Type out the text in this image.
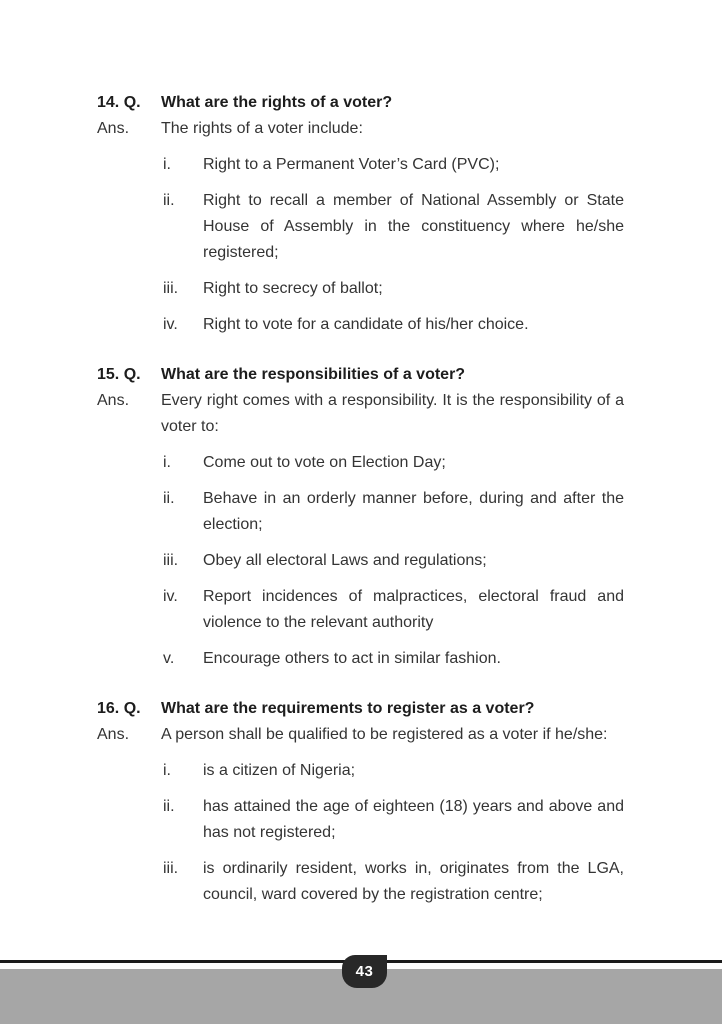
14. Q.	What are the rights of a voter?
Ans.	The rights of a voter include:

i.	Right to a Permanent Voter’s Card (PVC);

ii.	Right to recall a member of National Assembly or State House of Assembly in the constituency where he/she registered;

iii.	Right to secrecy of ballot;

iv.	Right to vote for a candidate of his/her choice.

15. Q.	What are the responsibilities of a voter?
Ans.	Every right comes with a responsibility. It is the responsibility of a voter to:

i.	Come out to vote on Election Day;

ii.	Behave in an orderly manner before, during and after the election;

iii.	Obey all electoral Laws and regulations;

iv.	Report incidences of malpractices, electoral fraud and violence to the relevant authority

v.	Encourage others to act in similar fashion.

16. Q.	What are the requirements to register as a voter?
Ans.	A person shall be qualified to be registered as a voter if he/she:

i.	is a citizen of Nigeria;

ii.	has attained the age of eighteen (18) years and above and has not registered;

iii.	is ordinarily resident, works in, originates from the LGA, council, ward covered by the registration centre;

43
